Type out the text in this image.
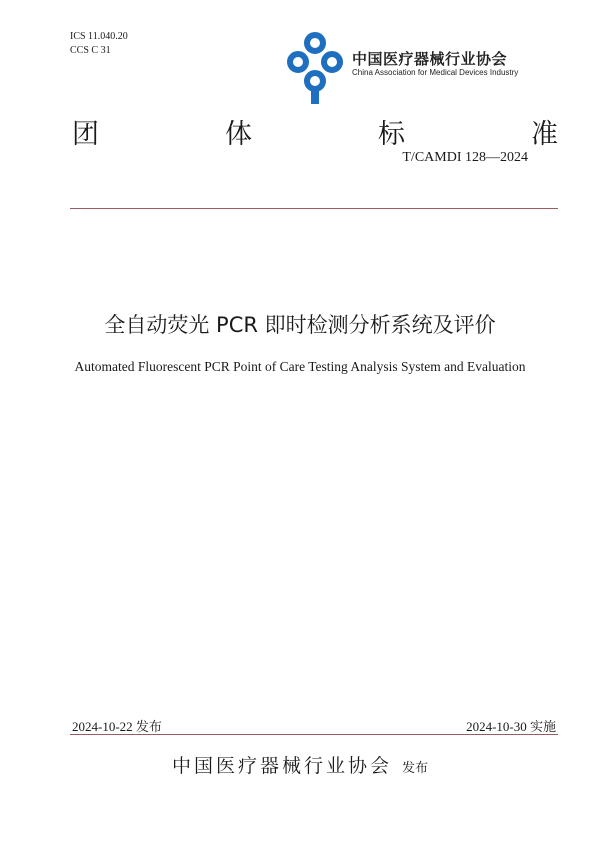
ICS 11.040.20
CCS C 31	中国医疗器械行业协会
China Association for Medical Devices Industry
团	体	标	准
T/CAMDI 128—2024
全自动荧光 PCR 即时检测分析系统及评价
Automated Fluorescent PCR Point of Care Testing Analysis System and Evaluation
2024-10-22 发布	2024-10-30 实施
中国医疗器械行业协会 发布
